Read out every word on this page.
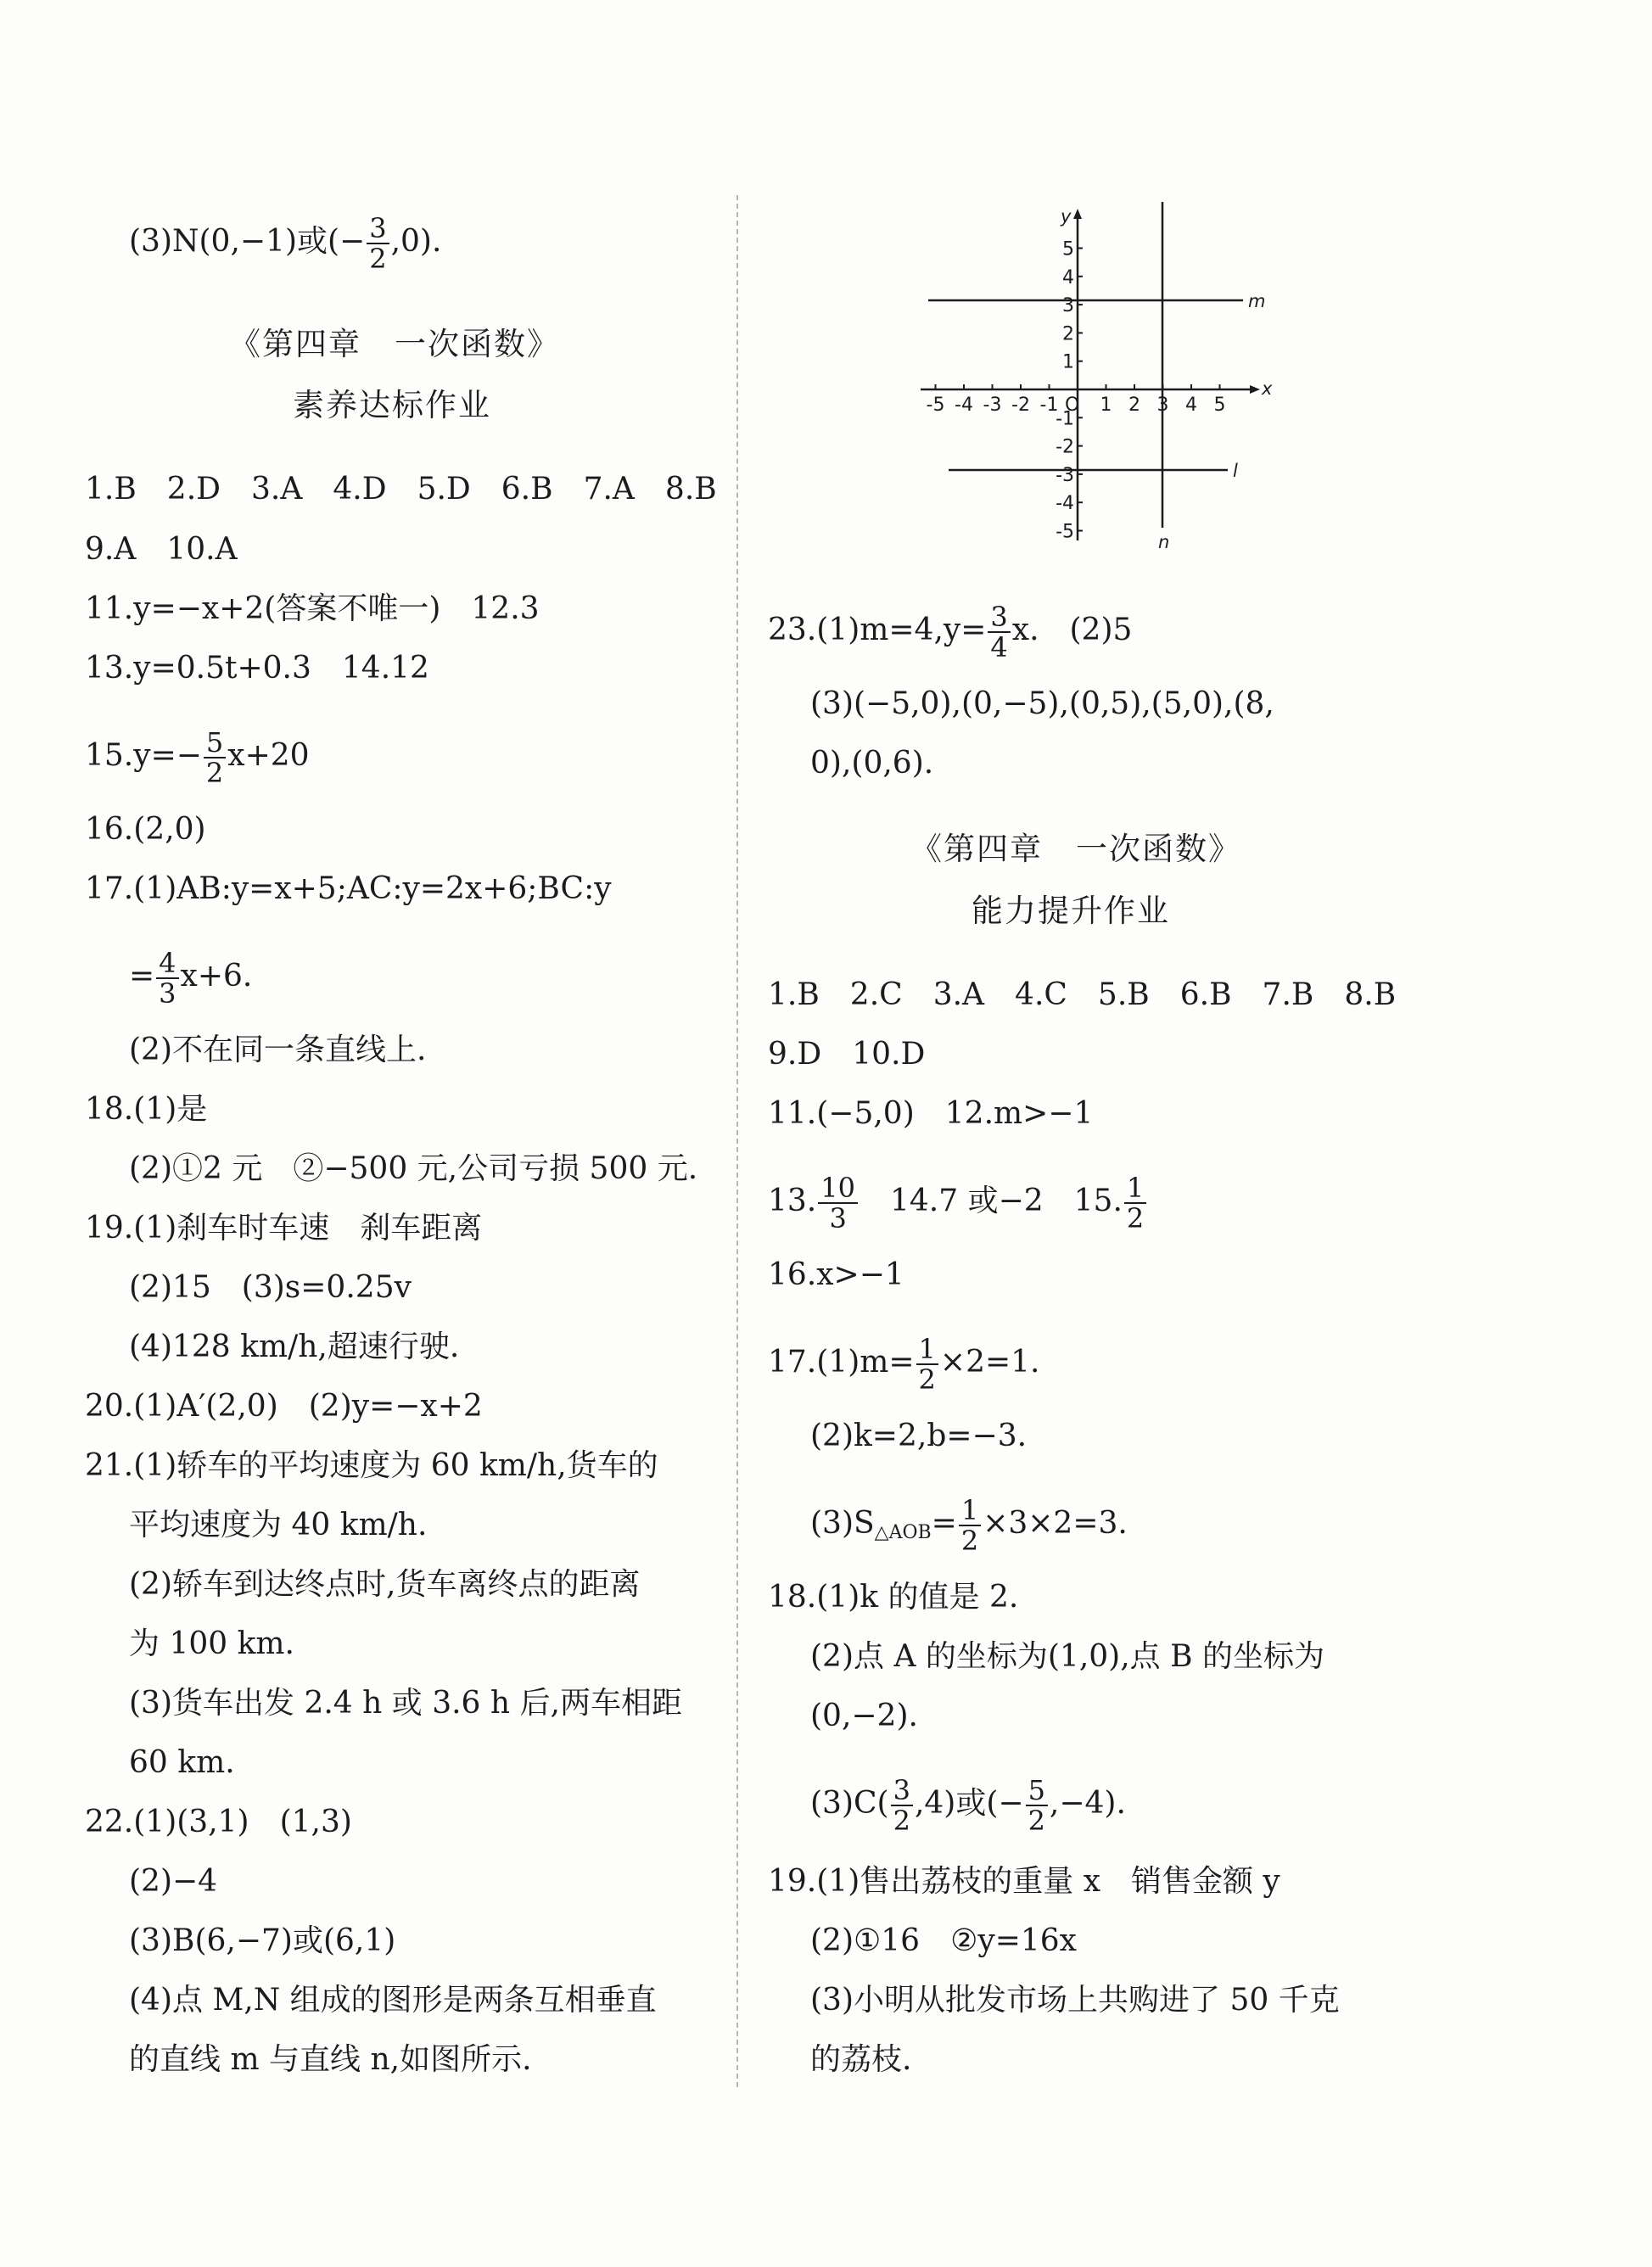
(3)N(0,−1)或(− $\frac{3}{2} ,0$).
《第四章　一次函数》
素养达标作业
1.B　2.D　3.A　4.D　5.D　6.B　7.A　8.B
9.A　10.A
11.y=−x+2(答案不唯一)　12.3
13.y=0.5t+0.3　14.12
$15.y=- \frac{5}{2} x+20$
16.(2,0)
17.(1)AB:y=x+5;AC:y=2x+6;BC:y
= $\frac{4}{3} x+6$.
(2)不在同一条直线上.
18.(1)是
(2)①2 元　②−500 元,公司亏损 500 元.
19.(1)刹车时车速　刹车距离
(2)15　(3)s=0.25v
(4)128 km/h,超速行驶.
20.(1)A′(2,0)　(2)y=−x+2
21.(1)轿车的平均速度为 60 km/h,货车的
平均速度为 40 km/h.
(2)轿车到达终点时,货车离终点的距离
为 100 km.
(3)货车出发 2.4 h 或 3.6 h 后,两车相距
60 km.
22.(1)(3,1)　(1,3)
(2)−4
(3)B(6,−7)或(6,1)
(4)点 M,N 组成的图形是两条互相垂直
的直线 m 与直线 n,如图所示.
x
y
O
m
l
n
-5 -4 -3 -2 -1 1 2 3 4 5
5
4
3
2
1
-1
-2
-3
-4
-5
$23.(1)m=4,y= \frac{3}{4} x$.　(2)5
(3)(−5,0),(0,−5),(0,5),(5,0),(8,
0),(0,6).
《第四章　一次函数》
能力提升作业
1.B　2.C　3.A　4.C　5.B　6.B　7.B　8.B
9.D　10.D
11.(−5,0)　12.m>−1
13. $\frac{10}{3}$ 　14.7 或−2　15. $\frac{1}{2}$
16.x>−1
$17.(1)m= \frac{1}{2} \times 2=1$.
(2)k=2,b=−3.
$(3)S_{\triangle AOB}= \frac{1}{2} \times 3\times 2=3$.
18.(1)k 的值是 2.
(2)点 A 的坐标为(1,0),点 B 的坐标为
(0,−2).
$(3)C( \frac{3}{2} ,4)$或(− $\frac{5}{2} ,-4$).
19.(1)售出荔枝的重量 x　销售金额 y
(2)①16　②y=16x
(3)小明从批发市场上共购进了 50 千克
的荔枝.
